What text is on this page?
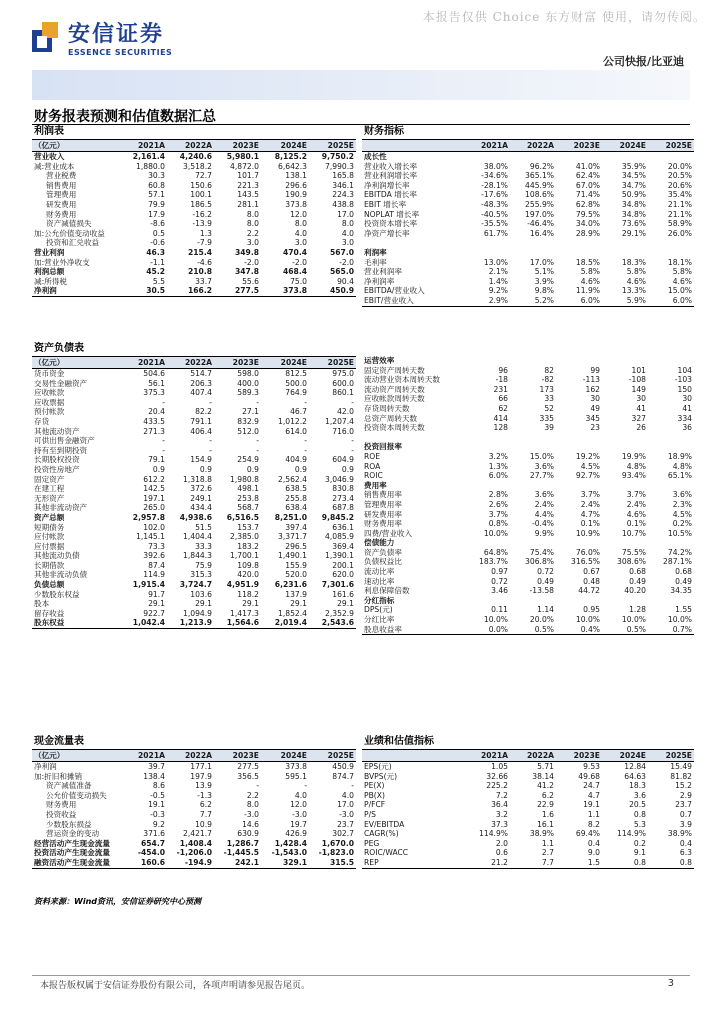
本报告仅供 Choice 东方财富 使用，请勿传阅。
安信证券
ESSENCE SECURITIES
公司快报/比亚迪
财务报表预测和估值数据汇总
利润表
（亿元）	2021A	2022A	2023E	2024E	2025E
营业收入	2,161.4	4,240.6	5,980.1	8,125.2	9,750.2
减:营业成本	1,880.0	3,518.2	4,872.0	6,642.3	7,990.3
营业税费	30.3	72.7	101.7	138.1	165.8
销售费用	60.8	150.6	221.3	296.6	346.1
管理费用	57.1	100.1	143.5	190.9	224.3
研发费用	79.9	186.5	281.1	373.8	438.8
财务费用	17.9	-16.2	8.0	12.0	17.0
资产减值损失	-8.6	-13.9	8.0	8.0	8.0
加:公允价值变动收益	0.5	1.3	2.2	4.0	4.0
投资和汇兑收益	-0.6	-7.9	3.0	3.0	3.0
营业利润	46.3	215.4	349.8	470.4	567.0
加:营业外净收支	-1.1	-4.6	-2.0	-2.0	-2.0
利润总额	45.2	210.8	347.8	468.4	565.0
减:所得税	5.5	33.7	55.6	75.0	90.4
净利润	30.5	166.2	277.5	373.8	450.9
财务指标
	2021A	2022A	2023E	2024E	2025E
成长性					
营业收入增长率	38.0%	96.2%	41.0%	35.9%	20.0%
营业利润增长率	-34.6%	365.1%	62.4%	34.5%	20.5%
净利润增长率	-28.1%	445.9%	67.0%	34.7%	20.6%
EBITDA 增长率	-17.6%	108.6%	71.4%	50.9%	35.4%
EBIT 增长率	-48.3%	255.9%	62.8%	34.8%	21.1%
NOPLAT 增长率	-40.5%	197.0%	79.5%	34.8%	21.1%
投资资本增长率	-35.5%	-46.4%	34.0%	73.6%	58.9%
净资产增长率	61.7%	16.4%	28.9%	29.1%	26.0%

利润率					
毛利率	13.0%	17.0%	18.5%	18.3%	18.1%
营业利润率	2.1%	5.1%	5.8%	5.8%	5.8%
净利润率	1.4%	3.9%	4.6%	4.6%	4.6%
EBITDA/营业收入	9.2%	9.8%	11.9%	13.3%	15.0%
EBIT/营业收入	2.9%	5.2%	6.0%	5.9%	6.0%
资产负债表
（亿元）	2021A	2022A	2023E	2024E	2025E
货币资金	504.6	514.7	598.0	812.5	975.0
交易性金融资产	56.1	206.3	400.0	500.0	600.0
应收帐款	375.3	407.4	589.3	764.9	860.1
应收票据	-	-	-	-	-
预付帐款	20.4	82.2	27.1	46.7	42.0
存货	433.5	791.1	832.9	1,012.2	1,207.4
其他流动资产	271.3	406.4	512.0	614.0	716.0
可供出售金融资产	-	-	-	-	-
持有至到期投资	-	-	-	-	-
长期股权投资	79.1	154.9	254.9	404.9	604.9
投资性房地产	0.9	0.9	0.9	0.9	0.9
固定资产	612.2	1,318.8	1,980.8	2,562.4	3,046.9
在建工程	142.5	372.6	498.1	638.5	830.8
无形资产	197.1	249.1	253.8	255.8	273.4
其他非流动资产	265.0	434.4	568.7	638.4	687.8
资产总额	2,957.8	4,938.6	6,516.5	8,251.0	9,845.2
短期债务	102.0	51.5	153.7	397.4	636.1
应付帐款	1,145.1	1,404.4	2,385.0	3,371.7	4,085.9
应付票据	73.3	33.3	183.2	296.5	369.4
其他流动负债	392.6	1,844.3	1,700.1	1,490.1	1,390.1
长期借款	87.4	75.9	109.8	155.9	200.1
其他非流动负债	114.9	315.3	420.0	520.0	620.0
负债总额	1,915.4	3,724.7	4,951.9	6,231.6	7,301.6
少数股东权益	91.7	103.6	118.2	137.9	161.6
股本	29.1	29.1	29.1	29.1	29.1
留存收益	922.7	1,094.9	1,417.3	1,852.4	2,352.9
股东权益	1,042.4	1,213.9	1,564.6	2,019.4	2,543.6
运营效率					
固定资产周转天数	96	82	99	101	104
流动营业资本周转天数	-18	-82	-113	-108	-103
流动资产周转天数	231	173	162	149	150
应收帐款周转天数	66	33	30	30	30
存货周转天数	62	52	49	41	41
总资产周转天数	414	335	345	327	334
投资资本周转天数	128	39	23	26	36

投资回报率					
ROE	3.2%	15.0%	19.2%	19.9%	18.9%
ROA	1.3%	3.6%	4.5%	4.8%	4.8%
ROIC	6.0%	27.7%	92.7%	93.4%	65.1%
费用率					
销售费用率	2.8%	3.6%	3.7%	3.7%	3.6%
管理费用率	2.6%	2.4%	2.4%	2.4%	2.3%
研发费用率	3.7%	4.4%	4.7%	4.6%	4.5%
财务费用率	0.8%	-0.4%	0.1%	0.1%	0.2%
四费/营业收入	10.0%	9.9%	10.9%	10.7%	10.5%
偿债能力					
资产负债率	64.8%	75.4%	76.0%	75.5%	74.2%
负债权益比	183.7%	306.8%	316.5%	308.6%	287.1%
流动比率	0.97	0.72	0.67	0.68	0.68
速动比率	0.72	0.49	0.48	0.49	0.49
利息保障倍数	3.46	-13.58	44.72	40.20	34.35
分红指标					
DPS(元)	0.11	1.14	0.95	1.28	1.55
分红比率	10.0%	20.0%	10.0%	10.0%	10.0%
股息收益率	0.0%	0.5%	0.4%	0.5%	0.7%
现金流量表
（亿元）	2021A	2022A	2023E	2024E	2025E
净利润	39.7	177.1	277.5	373.8	450.9
加:折旧和摊销	138.4	197.9	356.5	595.1	874.7
资产减值准备	8.6	13.9	-	-	-
公允价值变动损失	-0.5	-1.3	2.2	4.0	4.0
财务费用	19.1	6.2	8.0	12.0	17.0
投资收益	-0.3	7.7	-3.0	-3.0	-3.0
少数股东损益	9.2	10.9	14.6	19.7	23.7
营运资金的变动	371.6	2,421.7	630.9	426.9	302.7
经营活动产生现金流量	654.7	1,408.4	1,286.7	1,428.4	1,670.0
投资活动产生现金流量	-454.0	-1,206.0	-1,445.5	-1,543.0	-1,823.0
融资活动产生现金流量	160.6	-194.9	242.1	329.1	315.5
业绩和估值指标
	2021A	2022A	2023E	2024E	2025E
EPS(元)	1.05	5.71	9.53	12.84	15.49
BVPS(元)	32.66	38.14	49.68	64.63	81.82
PE(X)	225.2	41.2	24.7	18.3	15.2
PB(X)	7.2	6.2	4.7	3.6	2.9
P/FCF	36.4	22.9	19.1	20.5	23.7
P/S	3.2	1.6	1.1	0.8	0.7
EV/EBITDA	37.3	16.1	8.2	5.3	3.9
CAGR(%)	114.9%	38.9%	69.4%	114.9%	38.9%
PEG	2.0	1.1	0.4	0.2	0.4
ROIC/WACC	0.6	2.7	9.0	9.1	6.3
REP	21.2	7.7	1.5	0.8	0.8
资料来源：Wind资讯，安信证券研究中心预测
本报告版权属于安信证券股份有限公司，各项声明请参见报告尾页。	3
